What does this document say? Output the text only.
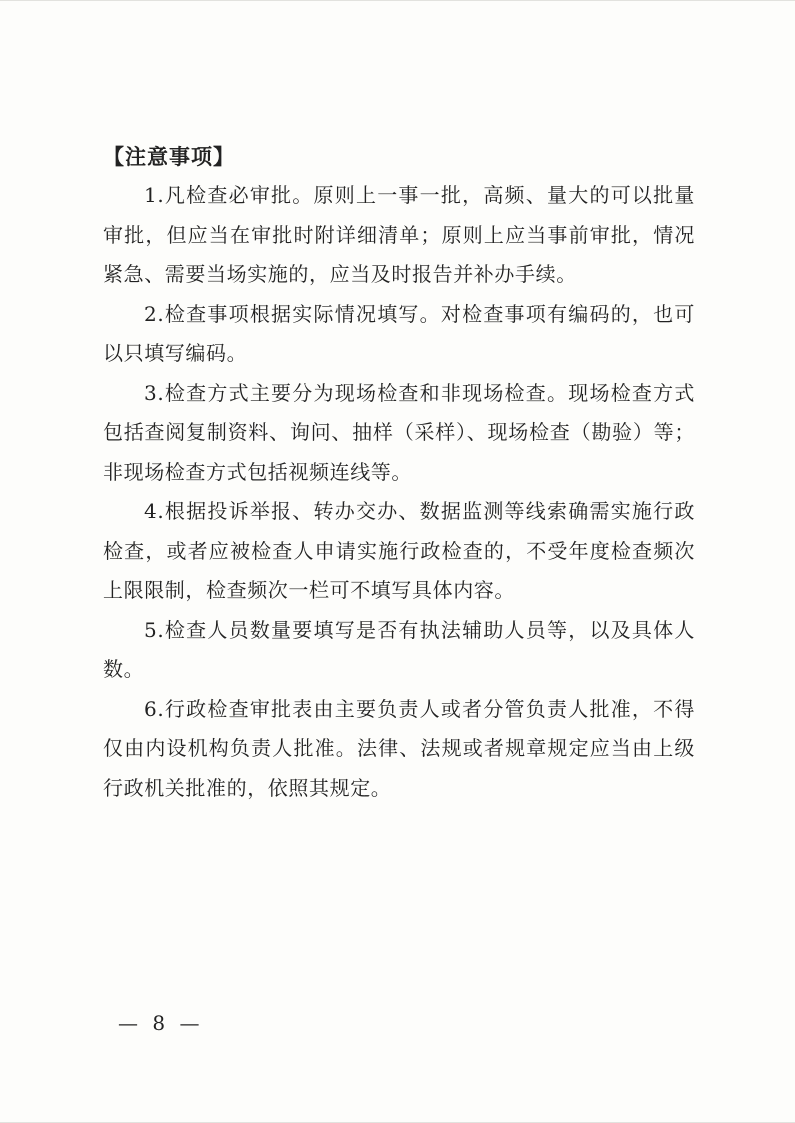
【注意事项】

1.凡检查必审批。原则上一事一批，高频、量大的可以批量审批，但应当在审批时附详细清单；原则上应当事前审批，情况紧急、需要当场实施的，应当及时报告并补办手续。

2.检查事项根据实际情况填写。对检查事项有编码的，也可以只填写编码。

3.检查方式主要分为现场检查和非现场检查。现场检查方式包括查阅复制资料、询问、抽样（采样）、现场检查（勘验）等；非现场检查方式包括视频连线等。

4.根据投诉举报、转办交办、数据监测等线索确需实施行政检查，或者应被检查人申请实施行政检查的，不受年度检查频次上限限制，检查频次一栏可不填写具体内容。

5.检查人员数量要填写是否有执法辅助人员等，以及具体人数。

6.行政检查审批表由主要负责人或者分管负责人批准，不得仅由内设机构负责人批准。法律、法规或者规章规定应当由上级行政机关批准的，依照其规定。

— 8 —
